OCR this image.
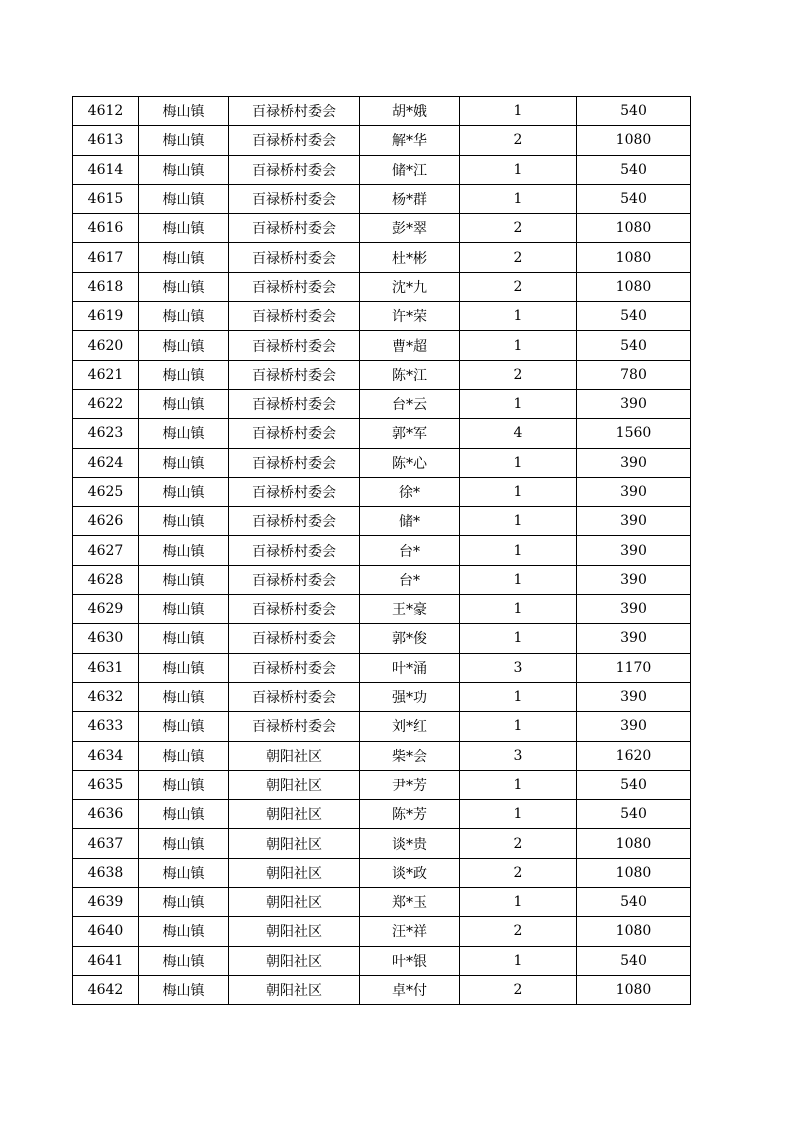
4612	梅山镇	百禄桥村委会	胡*娥	1	540
4613	梅山镇	百禄桥村委会	解*华	2	1080
4614	梅山镇	百禄桥村委会	储*江	1	540
4615	梅山镇	百禄桥村委会	杨*群	1	540
4616	梅山镇	百禄桥村委会	彭*翠	2	1080
4617	梅山镇	百禄桥村委会	杜*彬	2	1080
4618	梅山镇	百禄桥村委会	沈*九	2	1080
4619	梅山镇	百禄桥村委会	许*荣	1	540
4620	梅山镇	百禄桥村委会	曹*超	1	540
4621	梅山镇	百禄桥村委会	陈*江	2	780
4622	梅山镇	百禄桥村委会	台*云	1	390
4623	梅山镇	百禄桥村委会	郭*军	4	1560
4624	梅山镇	百禄桥村委会	陈*心	1	390
4625	梅山镇	百禄桥村委会	徐*	1	390
4626	梅山镇	百禄桥村委会	储*	1	390
4627	梅山镇	百禄桥村委会	台*	1	390
4628	梅山镇	百禄桥村委会	台*	1	390
4629	梅山镇	百禄桥村委会	王*豪	1	390
4630	梅山镇	百禄桥村委会	郭*俊	1	390
4631	梅山镇	百禄桥村委会	叶*涌	3	1170
4632	梅山镇	百禄桥村委会	强*功	1	390
4633	梅山镇	百禄桥村委会	刘*红	1	390
4634	梅山镇	朝阳社区	柴*会	3	1620
4635	梅山镇	朝阳社区	尹*芳	1	540
4636	梅山镇	朝阳社区	陈*芳	1	540
4637	梅山镇	朝阳社区	谈*贵	2	1080
4638	梅山镇	朝阳社区	谈*政	2	1080
4639	梅山镇	朝阳社区	郑*玉	1	540
4640	梅山镇	朝阳社区	汪*祥	2	1080
4641	梅山镇	朝阳社区	叶*银	1	540
4642	梅山镇	朝阳社区	卓*付	2	1080
